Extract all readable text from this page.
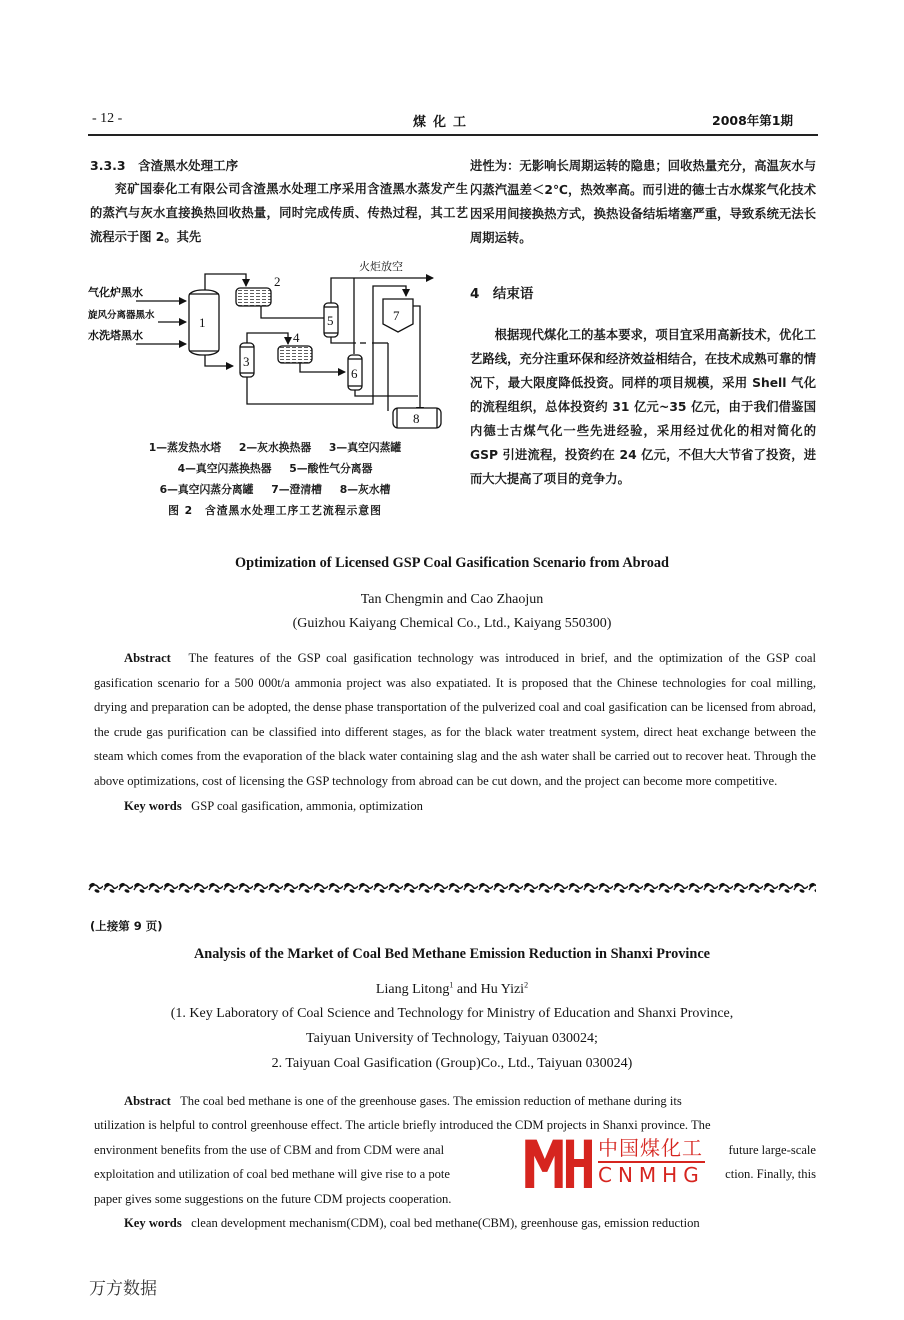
- 12 -	煤化工	2008年第1期
3.3.3　含渣黑水处理工序

兖矿国泰化工有限公司含渣黑水处理工序采用含渣黑水蒸发产生的蒸汽与灰水直接换热回收热量，同时完成传质、传热过程，其工艺流程示于图 2。其先

气化炉黑水
旋风分离器黑水
水洗塔黑水
火炬放空
1
2
3
4
5
6
7
8
1—蒸发热水塔 2—灰水换热器 3—真空闪蒸罐
4—真空闪蒸换热器 5—酸性气分离器
6—真空闪蒸分离罐 7—澄清槽 8—灰水槽
图 2　含渣黑水处理工序工艺流程示意图

进性为：无影响长周期运转的隐患；回收热量充分，高温灰水与闪蒸汽温差＜2℃，热效率高。而引进的德士古水煤浆气化技术因采用间接换热方式，换热设备结垢堵塞严重，导致系统无法长周期运转。

4　结束语

根据现代煤化工的基本要求，项目宜采用高新技术，优化工艺路线，充分注重环保和经济效益相结合，在技术成熟可靠的情况下，最大限度降低投资。同样的项目规模，采用 Shell 气化的流程组织，总体投资约 31 亿元~35 亿元，由于我们借鉴国内德士古煤气化一些先进经验，采用经过优化的相对简化的 GSP 引进流程，投资约在 24 亿元，不但大大节省了投资，进而大大提高了项目的竞争力。

Optimization of Licensed GSP Coal Gasification Scenario from Abroad
Tan Chengmin and Cao Zhaojun
(Guizhou Kaiyang Chemical Co., Ltd., Kaiyang 550300)

Abstract The features of the GSP coal gasification technology was introduced in brief, and the optimization of the GSP coal gasification scenario for a 500 000t/a ammonia project was also expatiated. It is proposed that the Chinese technologies for coal milling, drying and preparation can be adopted, the dense phase transportation of the pulverized coal and coal gasification can be licensed from abroad, the crude gas purification can be classified into different stages, as for the black water treatment system, direct heat exchange between the steam which comes from the evaporation of the black water containing slag and the ash water shall be carried out to recover heat. Through the above optimizations, cost of licensing the GSP technology from abroad can be cut down, and the project can become more competitive.

Key words GSP coal gasification, ammonia, optimization

(上接第 9 页)
Analysis of the Market of Coal Bed Methane Emission Reduction in Shanxi Province
Liang Litong$^1$ and Hu Yizi$^2$
(1. Key Laboratory of Coal Science and Technology for Ministry of Education and Shanxi Province,
Taiyuan University of Technology, Taiyuan 030024;
2. Taiyuan Coal Gasification (Group)Co., Ltd., Taiyuan 030024)
Abstract The coal bed methane is one of the greenhouse gases. The emission reduction of methane during its
utilization is helpful to control greenhouse effect. The article briefly introduced the CDM projects in Shanxi province. The
environment benefits from the use of CBM and from CDM were anal	future large-scale
exploitation and utilization of coal bed methane will give rise to a pote	ction. Finally, this
paper gives some suggestions on the future CDM projects cooperation.
Key words clean development mechanism(CDM), coal bed methane(CBM), greenhouse gas, emission reduction
中国煤化工
CNMHG
万方数据
